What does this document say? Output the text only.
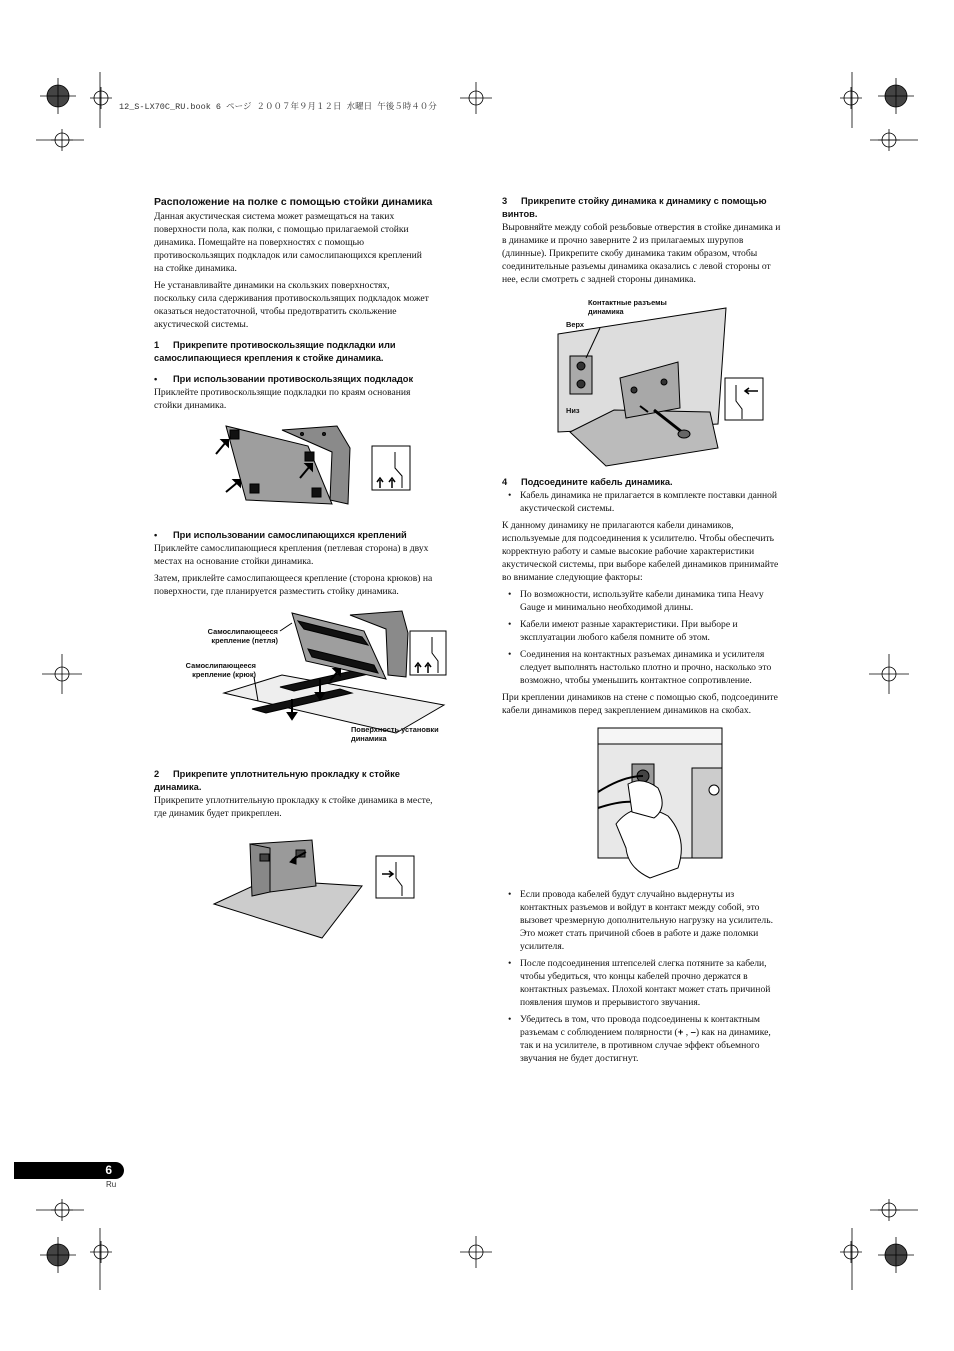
12_S-LX70C_RU.book 6 ページ ２００７年９月１２日 水曜日 午後５時４０分
Расположение на полке с помощью стойки динамика
Данная акустическая система может размещаться на таких
поверхности пола, как полки, с помощью прилагаемой стойки
динамика. Помещайте на поверхностях с помощью
противоскользящих подкладок или самослипающихся креплений
на стойке динамика.
Не устанавливайте динамики на скользких поверхностях,
поскольку сила сдерживания противоскользящих подкладок может
оказаться недостаточной, чтобы предотвратить скольжение
акустической системы.
1 Прикрепите противоскользящие подкладки или
самослипающиеся крепления к стойке динамика.
• При использовании противоскользящих подкладок
Приклейте противоскользящие подкладки по краям основания
стойки динамика.
• При использовании самослипающихся креплений
Приклейте самослипающиеся крепления (петлевая сторона) в двух
местах на основание стойки динамика.
Затем, приклейте самослипающееся крепление (сторона крюков) на
поверхности, где планируется разместить стойку динамика.
Самослипающееся
крепление (петля)
Самослипающееся
крепление (крюк)
Поверхность установки
динамика
2 Прикрепите уплотнительную прокладку к стойке
динамика.
Прикрепите уплотнительную прокладку к стойке динамика в месте,
где динамик будет прикреплен.
3 Прикрепите стойку динамика к динамику с помощью
винтов.
Выровняйте между собой резьбовые отверстия в стойке динамика и
в динамике и прочно заверните 2 из прилагаемых шурупов
(длинные). Прикрепите скобу динамика таким образом, чтобы
соединительные разъемы динамика оказались с левой стороны от
нее, если смотреть с задней стороны динамика.
Контактные разъемы
динамика
Верх
Низ
4 Подсоедините кабель динамика.
• Кабель динамика не прилагается в комплекте поставки данной
акустической системы.
К данному динамику не прилагаются кабели динамиков,
используемые для подсоединения к усилителю. Чтобы обеспечить
корректную работу и самые высокие рабочие характеристики
акустической системы, при выборе кабелей динамиков принимайте
во внимание следующие факторы:
• По возможности, используйте кабели динамика типа Heavy
Gauge и минимально необходимой длины.
• Кабели имеют разные характеристики. При выборе и
эксплуатации любого кабеля помните об этом.
• Соединения на контактных разъемах динамика и усилителя
следует выполнять настолько плотно и прочно, насколько это
возможно, чтобы уменьшить контактное сопротивление.
При креплении динамиков на стене с помощью скоб, подсоедините
кабели динамиков перед закреплением динамиков на скобах.
• Если провода кабелей будут случайно выдернуты из
контактных разъемов и войдут в контакт между собой, это
вызовет чрезмерную дополнительную нагрузку на усилитель.
Это может стать причиной сбоев в работе и даже поломки
усилителя.
• После подсоединения штепселей слегка потяните за кабели,
чтобы убедиться, что концы кабелей прочно держатся в
контактных разъемах. Плохой контакт может стать причиной
появления шумов и прерывистого звучания.
• Убедитесь в том, что провода подсоединены к контактным
разъемам с соблюдением полярности (+ , –) как на динамике,
так и на усилителе, в противном случае эффект объемного
звучания не будет достигнут.
6
Ru
